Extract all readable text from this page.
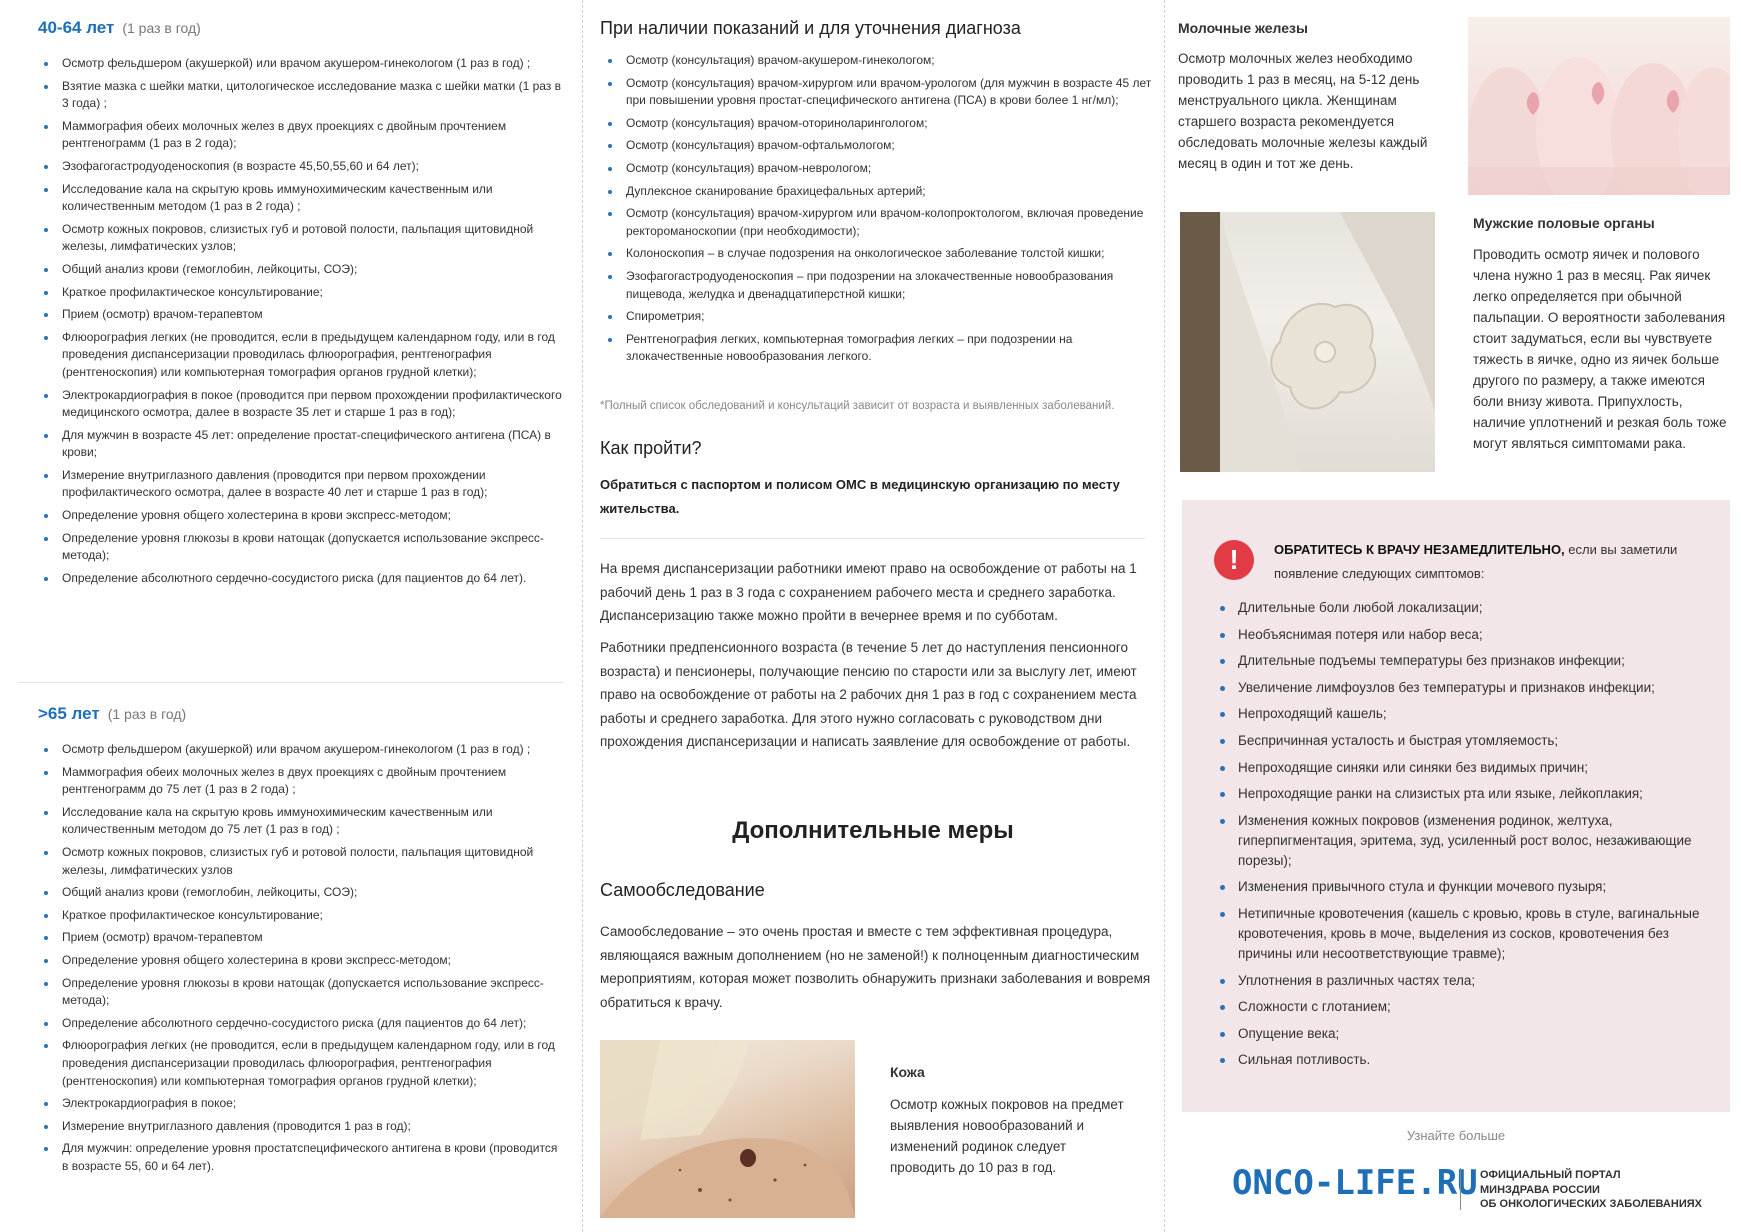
40-64 лет (1 раз в год)
Осмотр фельдшером (акушеркой) или врачом акушером-гинекологом (1 раз в год) ;
Взятие мазка с шейки матки, цитологическое исследование мазка с шейки матки (1 раз в 3 года) ;
Маммография обеих молочных желез в двух проекциях с двойным прочтением рентгенограмм (1 раз в 2 года);
Эзофагогастродуоденоскопия (в возрасте 45,50,55,60 и 64 лет);
Исследование кала на скрытую кровь иммунохимическим качественным или количественным методом (1 раз в 2 года) ;
Осмотр кожных покровов, слизистых губ и ротовой полости, пальпация щитовидной железы, лимфатических узлов;
Общий анализ крови (гемоглобин, лейкоциты, СОЭ);
Краткое профилактическое консультирование;
Прием (осмотр) врачом-терапевтом
Флюорография легких (не проводится, если в предыдущем календарном году, или в год проведения диспансеризации проводилась флюорография, рентгенография (рентгеноскопия) или компьютерная томография органов грудной клетки);
Электрокардиография в покое (проводится при первом прохождении профилактического медицинского осмотра, далее в возрасте 35 лет и старше 1 раз в год);
Для мужчин в возрасте 45 лет: определение простат-специфического антигена (ПСА) в крови;
Измерение внутриглазного давления (проводится при первом прохождении профилактического осмотра, далее в возрасте 40 лет и старше 1 раз в год);
Определение уровня общего холестерина в крови экспресс-методом;
Определение уровня глюкозы в крови натощак (допускается использование экспресс-метода);
Определение абсолютного сердечно-сосудистого риска (для пациентов до 64 лет).
>65 лет (1 раз в год)
Осмотр фельдшером (акушеркой) или врачом акушером-гинекологом (1 раз в год) ;
Маммография обеих молочных желез в двух проекциях с двойным прочтением рентгенограмм до 75 лет (1 раз в 2 года) ;
Исследование кала на скрытую кровь иммунохимическим качественным или количественным методом до 75 лет (1 раз в год) ;
Осмотр кожных покровов, слизистых губ и ротовой полости, пальпация щитовидной железы, лимфатических узлов
Общий анализ крови (гемоглобин, лейкоциты, СОЭ);
Краткое профилактическое консультирование;
Прием (осмотр) врачом-терапевтом
Определение уровня общего холестерина в крови экспресс-методом;
Определение уровня глюкозы в крови натощак (допускается использование экспресс-метода);
Определение абсолютного сердечно-сосудистого риска (для пациентов до 64 лет);
Флюорография легких (не проводится, если в предыдущем календарном году, или в год проведения диспансеризации проводилась флюорография, рентгенография (рентгеноскопия) или компьютерная томография органов грудной клетки);
Электрокардиография в покое;
Измерение внутриглазного давления (проводится 1 раз в год);
Для мужчин: определение уровня простатспецифического антигена в крови (проводится в возрасте 55, 60 и 64 лет).
При наличии показаний и для уточнения диагноза
Осмотр (консультация) врачом-акушером-гинекологом;
Осмотр (консультация) врачом-хирургом или врачом-урологом (для мужчин в возрасте 45 лет при повышении уровня простат-специфического антигена (ПСА) в крови более 1 нг/мл);
Осмотр (консультация) врачом-оториноларингологом;
Осмотр (консультация) врачом-офтальмологом;
Осмотр (консультация) врачом-неврологом;
Дуплексное сканирование брахицефальных артерий;
Осмотр (консультация) врачом-хирургом или врачом-колопроктологом, включая проведение ректороманоскопии (при необходимости);
Колоноскопия – в случае подозрения на онкологическое заболевание толстой кишки;
Эзофагогастродуоденоскопия – при подозрении на злокачественные новообразования пищевода, желудка и двенадцатиперстной кишки;
Спирометрия;
Рентгенография легких, компьютерная томография легких – при подозрении на злокачественные новообразования легкого.
*Полный список обследований и консультаций зависит от возраста и выявленных заболеваний.
Как пройти?
Обратиться с паспортом и полисом ОМС в медицинскую организацию по месту жительства.
На время диспансеризации работники имеют право на освобождение от работы на 1 рабочий день 1 раз в 3 года с сохранением рабочего места и среднего заработка. Диспансеризацию также можно пройти в вечернее время и по субботам.
Работники предпенсионного возраста (в течение 5 лет до наступления пенсионного возраста) и пенсионеры, получающие пенсию по старости или за выслугу лет, имеют право на освобождение от работы на 2 рабочих дня 1 раз в год с сохранением места работы и среднего заработка. Для этого нужно согласовать с руководством дни прохождения диспансеризации и написать заявление для освобождение от работы.
Дополнительные меры
Самообследование
Самообследование – это очень простая и вместе с тем эффективная процедура, являющаяся важным дополнением (но не заменой!) к полноценным диагностическим мероприятиям, которая может позволить обнаружить признаки заболевания и вовремя обратиться к врачу.
Кожа
Осмотр кожных покровов на предмет выявления новообразований и изменений родинок следует проводить до 10 раз в год.
Молочные железы
Осмотр молочных желез необходимо проводить 1 раз в месяц, на 5-12 день менструального цикла. Женщинам старшего возраста рекомендуется обследовать молочные железы каждый месяц в один и тот же день.
Мужские половые органы
Проводить осмотр яичек и полового члена нужно 1 раз в месяц. Рак яичек легко определяется при обычной пальпации. О вероятности заболевания стоит задуматься, если вы чувствуете тяжесть в яичке, одно из яичек больше другого по размеру, а также имеются боли внизу живота. Припухлость, наличие уплотнений и резкая боль тоже могут являться симптомами рака.
!	ОБРАТИТЕСЬ К ВРАЧУ НЕЗАМЕДЛИТЕЛЬНО, если вы заметили появление следующих симптомов:
Длительные боли любой локализации;
Необъяснимая потеря или набор веса;
Длительные подъемы температуры без признаков инфекции;
Увеличение лимфоузлов без температуры и признаков инфекции;
Непроходящий кашель;
Беспричинная усталость и быстрая утомляемость;
Непроходящие синяки или синяки без видимых причин;
Непроходящие ранки на слизистых рта или языке, лейкоплакия;
Изменения кожных покровов (изменения родинок, желтуха, гиперпигментация, эритема, зуд, усиленный рост волос, незаживающие порезы);
Изменения привычного стула и функции мочевого пузыря;
Нетипичные кровотечения (кашель с кровью, кровь в стуле, вагинальные кровотечения, кровь в моче, выделения из сосков, кровотечения без причины или несоответствующие травме);
Уплотнения в различных частях тела;
Сложности с глотанием;
Опущение века;
Сильная потливость.
Узнайте больше
ONCO-LIFE.RU ОФИЦИАЛЬНЫЙ ПОРТАЛ
МИНЗДРАВА РОССИИ
ОБ ОНКОЛОГИЧЕСКИХ ЗАБОЛЕВАНИЯХ
